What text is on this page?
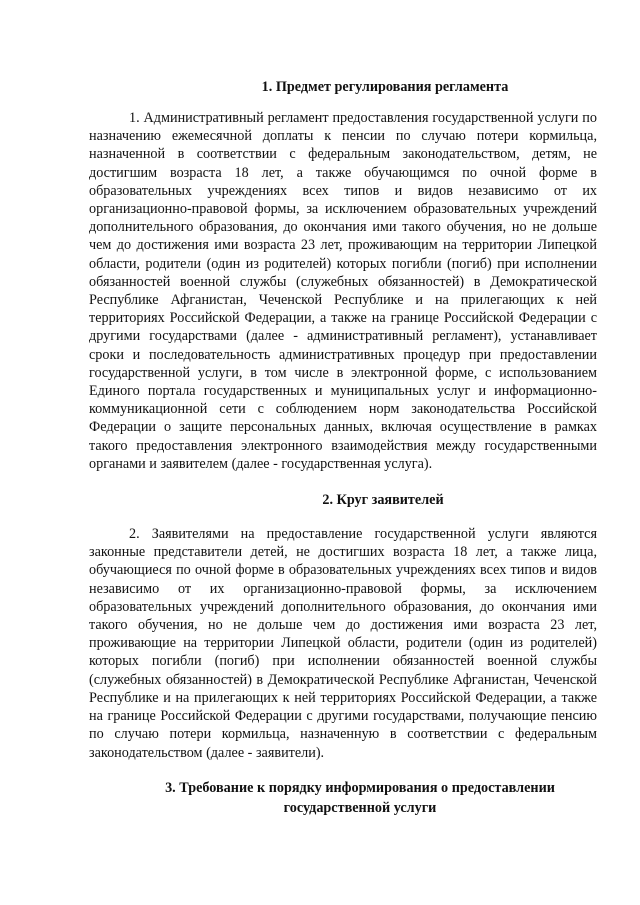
1. Предмет регулирования регламента

1. Административный регламент предоставления государственной услуги по назначению ежемесячной доплаты к пенсии по случаю потери кормильца, назначенной в соответствии с федеральным законодательством, детям, не достигшим возраста 18 лет, а также обучающимся по очной форме в образовательных учреждениях всех типов и видов независимо от их организационно-правовой формы, за исключением образовательных учреждений дополнительного образования, до окончания ими такого обучения, но не дольше чем до достижения ими возраста 23 лет, проживающим на территории Липецкой области, родители (один из родителей) которых погибли (погиб) при исполнении обязанностей военной службы (служебных обязанностей) в Демократической Республике Афганистан, Чеченской Республике и на прилегающих к ней территориях Российской Федерации, а также на границе Российской Федерации с другими государствами (далее - административный регламент), устанавливает сроки и последовательность административных процедур при предоставлении государственной услуги, в том числе в электронной форме, с использованием Единого портала государственных и муниципальных услуг и информационно-коммуникационной сети с соблюдением норм законодательства Российской Федерации о защите персональных данных, включая осуществление в рамках такого предоставления электронного взаимодействия между государственными органами и заявителем (далее - государственная услуга).

2. Круг заявителей

2. Заявителями на предоставление государственной услуги являются законные представители детей, не достигших возраста 18 лет, а также лица, обучающиеся по очной форме в образовательных учреждениях всех типов и видов независимо от их организационно-правовой формы, за исключением образовательных учреждений дополнительного образования, до окончания ими такого обучения, но не дольше чем до достижения ими возраста 23 лет, проживающие на территории Липецкой области, родители (один из родителей) которых погибли (погиб) при исполнении обязанностей военной службы (служебных обязанностей) в Демократической Республике Афганистан, Чеченской Республике и на прилегающих к ней территориях Российской Федерации, а также на границе Российской Федерации с другими государствами, получающие пенсию по случаю потери кормильца, назначенную в соответствии с федеральным законодательством (далее - заявители).

3. Требование к порядку информирования о предоставлении государственной услуги
